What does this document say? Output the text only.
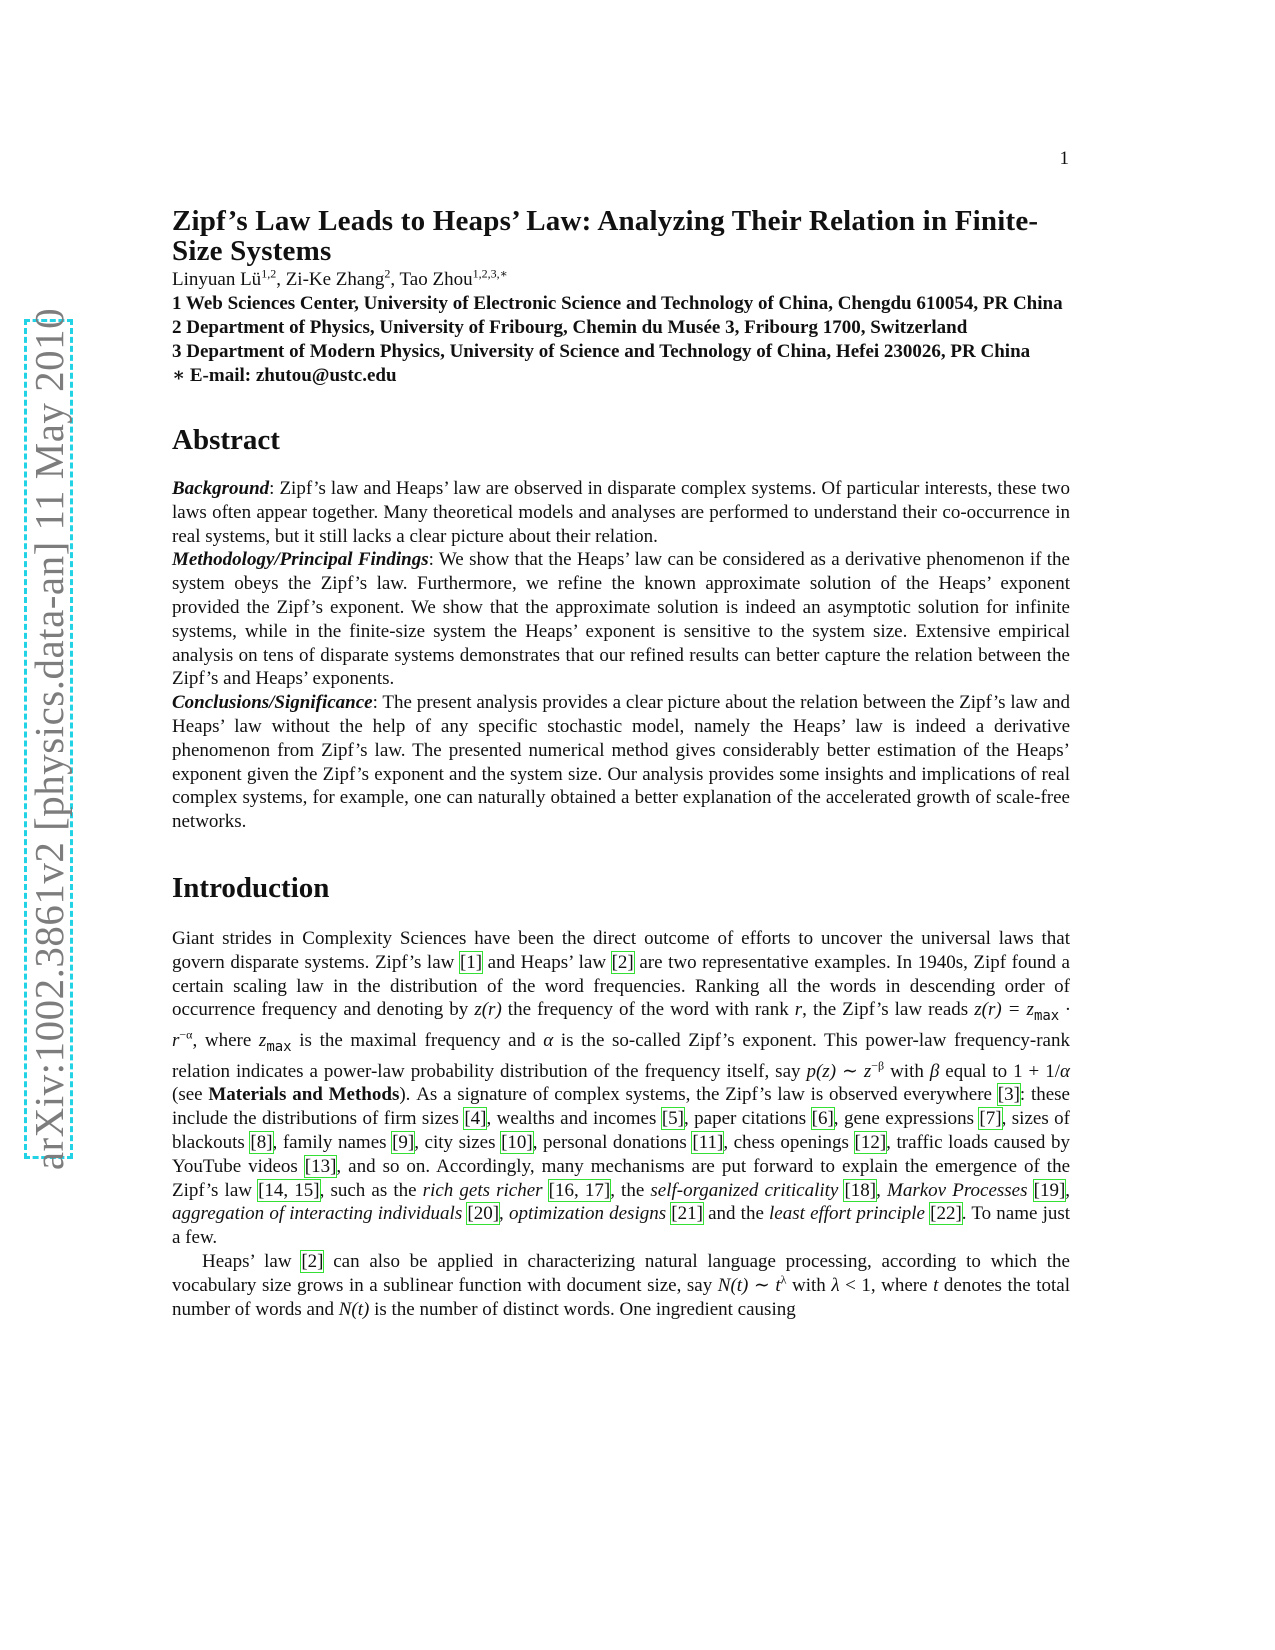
1
arXiv:1002.3861v2 [physics.data-an] 11 May 2010
Zipf’s Law Leads to Heaps’ Law: Analyzing Their Relation in Finite-Size Systems
Linyuan Lü$^{1,2}$, Zi-Ke Zhang$^2$, Tao Zhou$^{1,2,3,∗}$
1 Web Sciences Center, University of Electronic Science and Technology of China, Chengdu 610054, PR China
2 Department of Physics, University of Fribourg, Chemin du Musée 3, Fribourg 1700, Switzerland
3 Department of Modern Physics, University of Science and Technology of China, Hefei 230026, PR China
∗ E-mail: zhutou@ustc.edu
Abstract

Background: Zipf’s law and Heaps’ law are observed in disparate complex systems. Of particular interests, these two laws often appear together. Many theoretical models and analyses are performed to understand their co-occurrence in real systems, but it still lacks a clear picture about their relation.

Methodology/Principal Findings: We show that the Heaps’ law can be considered as a derivative phenomenon if the system obeys the Zipf’s law. Furthermore, we refine the known approximate solution of the Heaps’ exponent provided the Zipf’s exponent. We show that the approximate solution is indeed an asymptotic solution for infinite systems, while in the finite-size system the Heaps’ exponent is sensitive to the system size. Extensive empirical analysis on tens of disparate systems demonstrates that our refined results can better capture the relation between the Zipf’s and Heaps’ exponents.

Conclusions/Significance: The present analysis provides a clear picture about the relation between the Zipf’s law and Heaps’ law without the help of any specific stochastic model, namely the Heaps’ law is indeed a derivative phenomenon from Zipf’s law. The presented numerical method gives considerably better estimation of the Heaps’ exponent given the Zipf’s exponent and the system size. Our analysis provides some insights and implications of real complex systems, for example, one can naturally obtained a better explanation of the accelerated growth of scale-free networks.

Introduction

Giant strides in Complexity Sciences have been the direct outcome of efforts to uncover the universal laws that govern disparate systems. Zipf’s law [1] and Heaps’ law [2] are two representative examples. In 1940s, Zipf found a certain scaling law in the distribution of the word frequencies. Ranking all the words in descending order of occurrence frequency and denoting by z(r) the frequency of the word with rank r, the Zipf’s law reads $z(r) = z_{max} \cdot r^{-\alpha}$, where $z_{max}$ is the maximal frequency and α is the so-called Zipf’s exponent. This power-law frequency-rank relation indicates a power-law probability distribution of the frequency itself, say p(z) ∼ $z^{-\beta}$ with β equal to 1 + 1/α (see Materials and Methods). As a signature of complex systems, the Zipf’s law is observed everywhere [3]: these include the distributions of firm sizes [4], wealths and incomes [5], paper citations [6], gene expressions [7], sizes of blackouts [8], family names [9], city sizes [10], personal donations [11], chess openings [12], traffic loads caused by YouTube videos [13], and so on. Accordingly, many mechanisms are put forward to explain the emergence of the Zipf’s law [14, 15], such as the rich gets richer [16, 17], the self-organized criticality [18], Markov Processes [19], aggregation of interacting individuals [20], optimization designs [21] and the least effort principle [22]. To name just a few.

Heaps’ law [2] can also be applied in characterizing natural language processing, according to which the vocabulary size grows in a sublinear function with document size, say N(t) ∼ $t^\lambda$ with λ < 1, where t denotes the total number of words and N(t) is the number of distinct words. One ingredient causing
